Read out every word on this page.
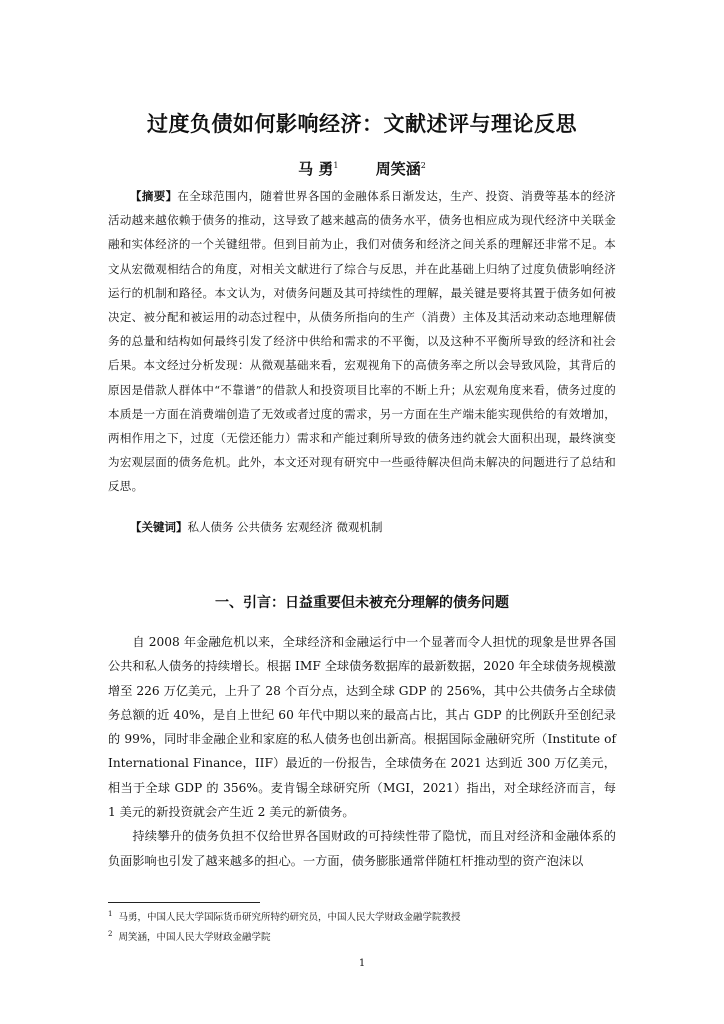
过度负债如何影响经济：文献述评与理论反思
马 勇$^1$ 周笑涵$^2$
【摘要】在全球范围内，随着世界各国的金融体系日渐发达，生产、投资、消费等基本的经济活动越来越依赖于债务的推动，这导致了越来越高的债务水平，债务也相应成为现代经济中关联金融和实体经济的一个关键纽带。但到目前为止，我们对债务和经济之间关系的理解还非常不足。本文从宏微观相结合的角度，对相关文献进行了综合与反思，并在此基础上归纳了过度负债影响经济运行的机制和路径。本文认为，对债务问题及其可持续性的理解，最关键是要将其置于债务如何被决定、被分配和被运用的动态过程中，从债务所指向的生产（消费）主体及其活动来动态地理解债务的总量和结构如何最终引发了经济中供给和需求的不平衡，以及这种不平衡所导致的经济和社会后果。本文经过分析发现：从微观基础来看，宏观视角下的高债务率之所以会导致风险，其背后的原因是借款人群体中“不靠谱”的借款人和投资项目比率的不断上升；从宏观角度来看，债务过度的本质是一方面在消费端创造了无效或者过度的需求，另一方面在生产端未能实现供给的有效增加，两相作用之下，过度（无偿还能力）需求和产能过剩所导致的债务违约就会大面积出现，最终演变为宏观层面的债务危机。此外，本文还对现有研究中一些亟待解决但尚未解决的问题进行了总结和反思。
【关键词】私人债务 公共债务 宏观经济 微观机制
一、引言：日益重要但未被充分理解的债务问题

自 2008 年金融危机以来，全球经济和金融运行中一个显著而令人担忧的现象是世界各国公共和私人债务的持续增长。根据 IMF 全球债务数据库的最新数据，2020 年全球债务规模激增至 226 万亿美元，上升了 28 个百分点，达到全球 GDP 的 256%，其中公共债务占全球债务总额的近 40%，是自上世纪 60 年代中期以来的最高占比，其占 GDP 的比例跃升至创纪录的 99%，同时非金融企业和家庭的私人债务也创出新高。根据国际金融研究所（Institute of International Finance，IIF）最近的一份报告，全球债务在 2021 达到近 300 万亿美元，相当于全球 GDP 的 356%。麦肯锡全球研究所（MGI，2021）指出，对全球经济而言，每 1 美元的新投资就会产生近 2 美元的新债务。

持续攀升的债务负担不仅给世界各国财政的可持续性带了隐忧，而且对经济和金融体系的负面影响也引发了越来越多的担心。一方面，债务膨胀通常伴随杠杆推动型的资产泡沫以

$^1$ 马勇，中国人民大学国际货币研究所特约研究员，中国人民大学财政金融学院教授
$^2$ 周笑涵，中国人民大学财政金融学院
1
